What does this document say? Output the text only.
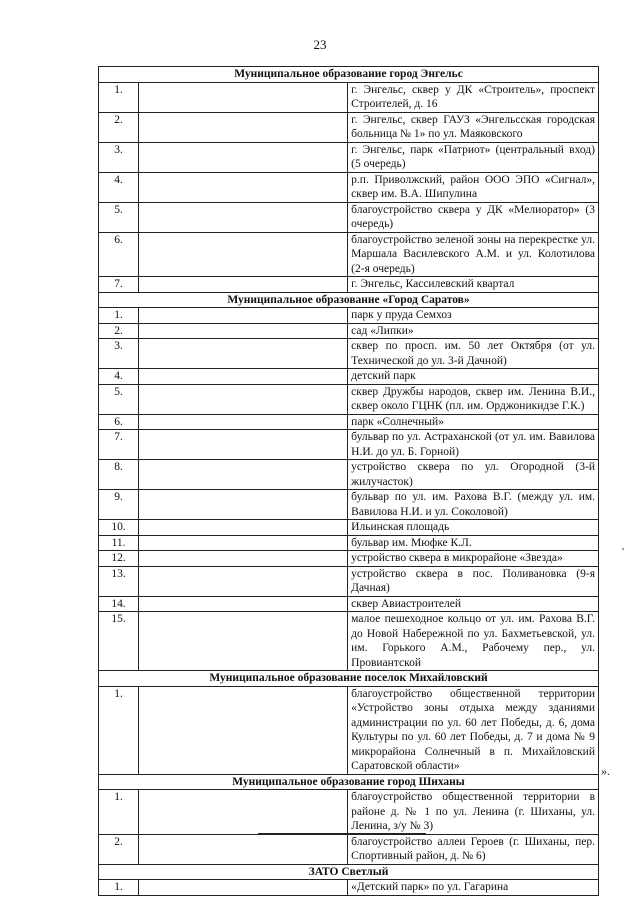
23
Муниципальное образование город Энгельс		
1.		г. Энгельс, сквер у ДК «Строитель», проспект Строителей, д. 16
2.		г. Энгельс, сквер ГАУЗ «Энгельсская городская больница № 1» по ул. Маяковского
3.		г. Энгельс, парк «Патриот» (центральный вход) (5 очередь)
4.		р.п. Приволжский, район ООО ЭПО «Сигнал», сквер им. В.А. Шипулина
5.		благоустройство сквера у ДК «Мелиоратор» (3 очередь)
6.		благоустройство зеленой зоны на перекрестке ул. Маршала Василевского А.М. и ул. Колотилова (2-я очередь)
7.		г. Энгельс, Кассилевский квартал
Муниципальное образование «Город Саратов»		
1.		парк у пруда Семхоз
2.		сад «Липки»
3.		сквер по просп. им. 50 лет Октября (от ул. Технической до ул. 3-й Дачной)
4.		детский парк
5.		сквер Дружбы народов, сквер им. Ленина В.И., сквер около ГЦНК (пл. им. Орджоникидзе Г.К.)
6.		парк «Солнечный»
7.		бульвар по ул. Астраханской (от ул. им. Вавилова Н.И. до ул. Б. Горной)
8.		устройство сквера по ул. Огородной (3-й жилучасток)
9.		бульвар по ул. им. Рахова В.Г. (между ул. им. Вавилова Н.И. и ул. Соколовой)
10.		Ильинская площадь
11.		бульвар им. Мюфке К.Л.
12.		устройство сквера в микрорайоне «Звезда»
13.		устройство сквера в пос. Поливановка (9-я Дачная)
14.		сквер Авиастроителей
15.		малое пешеходное кольцо от ул. им. Рахова В.Г. до Новой Набережной по ул. Бахметьевской, ул. им. Горького А.М., Рабочему пер., ул. Провиантской
Муниципальное образование поселок Михайловский		
1.		благоустройство общественной территории «Устройство зоны отдыха между зданиями администрации по ул. 60 лет Победы, д. 6, дома Культуры по ул. 60 лет Победы, д. 7 и дома № 9 микрорайона Солнечный в п. Михайловский Саратовской области»
Муниципальное образование город Шиханы		
1.		благоустройство общественной территории в районе д. № 1 по ул. Ленина (г. Шиханы, ул. Ленина, з/у № 3)
2.		благоустройство аллеи Героев (г. Шиханы, пер. Спортивный район, д. № 6)
ЗАТО Светлый		
1.		«Детский парк» по ул. Гагарина
».
'
